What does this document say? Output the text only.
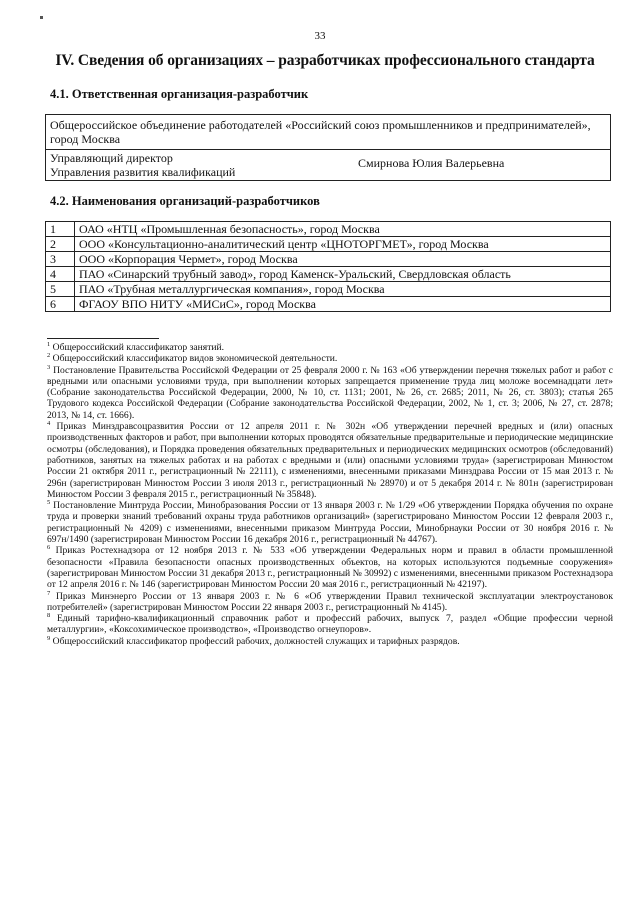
33
IV. Сведения об организациях – разработчиках профессионального стандарта
4.1. Ответственная организация-разработчик
Общероссийское объединение работодателей «Российский союз промышленников и предпринимателей», город Москва

Управляющий директор
Управления развития квалификаций
	Смирнова Юлия Валерьевна
4.2. Наименования организаций-разработчиков
1	ОАО «НТЦ «Промышленная безопасность», город Москва
2	ООО «Консультационно-аналитический центр «ЦНОТОРГМЕТ», город Москва
3	ООО «Корпорация Чермет», город Москва
4	ПАО «Синарский трубный завод», город Каменск-Уральский, Свердловская область
5	ПАО «Трубная металлургическая компания», город Москва
6	ФГАОУ ВПО НИТУ «МИСиС», город Москва

$^1$ Общероссийский классификатор занятий.

$^2$ Общероссийский классификатор видов экономической деятельности.

$^3$ Постановление Правительства Российской Федерации от 25 февраля 2000 г. № 163 «Об утверждении перечня тяжелых работ и работ с вредными или опасными условиями труда, при выполнении которых запрещается применение труда лиц моложе восемнадцати лет» (Собрание законодательства Российской Федерации, 2000, № 10, ст. 1131; 2001, № 26, ст. 2685; 2011, № 26, ст. 3803); статья 265 Трудового кодекса Российской Федерации (Собрание законодательства Российской Федерации, 2002, № 1, ст. 3; 2006, № 27, ст. 2878; 2013, № 14, ст. 1666).

$^4$ Приказ Минздравсоцразвития России от 12 апреля 2011 г. № 302н «Об утверждении перечней вредных и (или) опасных производственных факторов и работ, при выполнении которых проводятся обязательные предварительные и периодические медицинские осмотры (обследования), и Порядка проведения обязательных предварительных и периодических медицинских осмотров (обследований) работников, занятых на тяжелых работах и на работах с вредными и (или) опасными условиями труда» (зарегистрирован Минюстом России 21 октября 2011 г., регистрационный № 22111), с изменениями, внесенными приказами Минздрава России от 15 мая 2013 г. № 296н (зарегистрирован Минюстом России 3 июля 2013 г., регистрационный № 28970) и от 5 декабря 2014 г. № 801н (зарегистрирован Минюстом России 3 февраля 2015 г., регистрационный № 35848).

$^5$ Постановление Минтруда России, Минобразования России от 13 января 2003 г. № 1/29 «Об утверждении Порядка обучения по охране труда и проверки знаний требований охраны труда работников организаций» (зарегистрировано Минюстом России 12 февраля 2003 г., регистрационный № 4209) с изменениями, внесенными приказом Минтруда России, Минобрнауки России от 30 ноября 2016 г. № 697н/1490 (зарегистрирован Минюстом России 16 декабря 2016 г., регистрационный № 44767).

$^6$ Приказ Ростехнадзора от 12 ноября 2013 г. № 533 «Об утверждении Федеральных норм и правил в области промышленной безопасности «Правила безопасности опасных производственных объектов, на которых используются подъемные сооружения» (зарегистрирован Минюстом России 31 декабря 2013 г., регистрационный № 30992) с изменениями, внесенными приказом Ростехнадзора от 12 апреля 2016 г. № 146 (зарегистрирован Минюстом России 20 мая 2016 г., регистрационный № 42197).

$^7$ Приказ Минэнерго России от 13 января 2003 г. № 6 «Об утверждении Правил технической эксплуатации электроустановок потребителей» (зарегистрирован Минюстом России 22 января 2003 г., регистрационный № 4145).

$^8$ Единый тарифно-квалификационный справочник работ и профессий рабочих, выпуск 7, раздел «Общие профессии черной металлургии», «Коксохимическое производство», «Производство огнеупоров».

$^9$ Общероссийский классификатор профессий рабочих, должностей служащих и тарифных разрядов.
